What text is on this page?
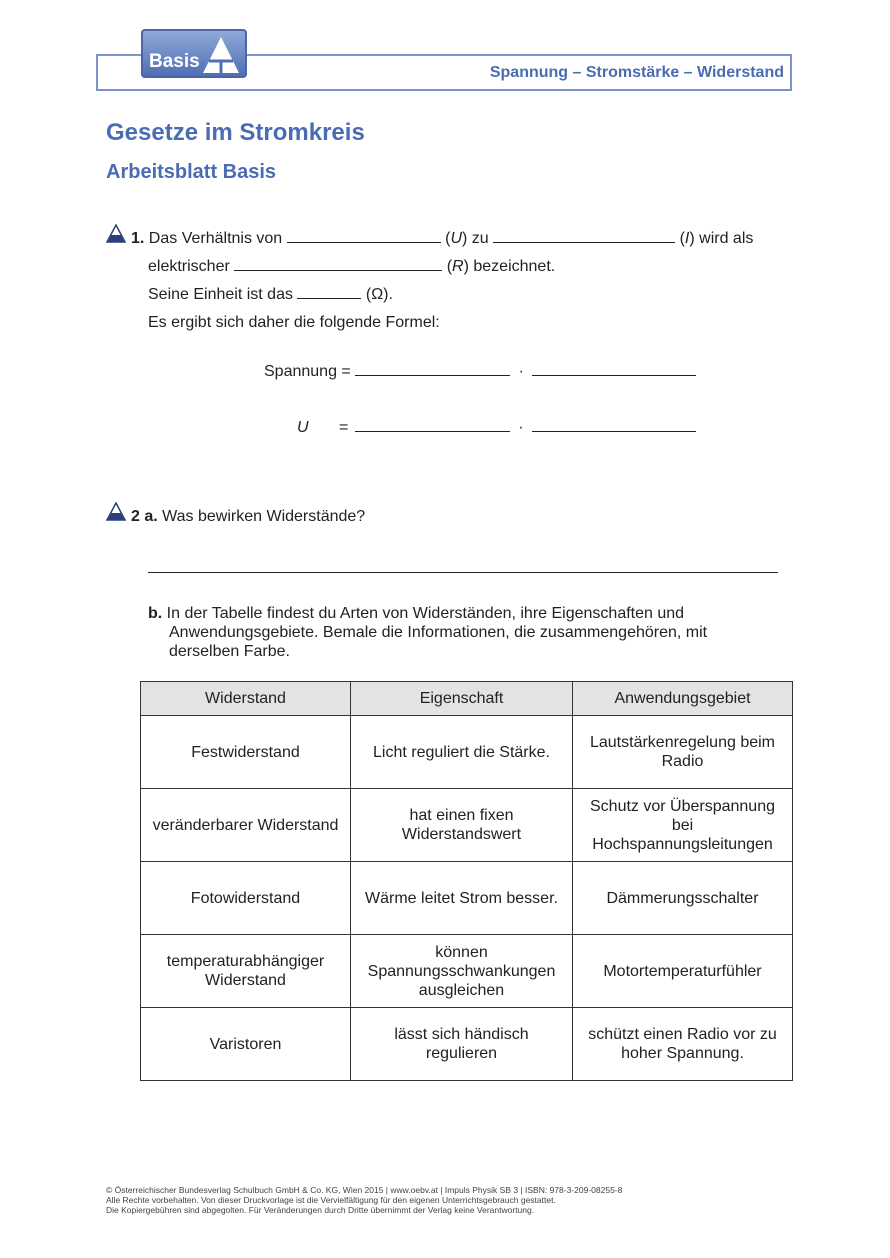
Basis
Spannung – Stromstärke – Widerstand
Gesetze im Stromkreis
Arbeitsblatt Basis
1. Das Verhältnis von	(U) zu	(I) wird als
elektrischer	(R) bezeichnet.
Seine Einheit ist das	(Ω).
Es ergibt sich daher die folgende Formel:
Spannung =	·
U =	·
2 a. Was bewirken Widerstände?
b. In der Tabelle findest du Arten von Widerständen, ihre Eigenschaften und
Anwendungsgebiete. Bemale die Informationen, die zusammengehören, mit
derselben Farbe.
Widerstand	Eigenschaft	Anwendungsgebiet
Festwiderstand	Licht reguliert die Stärke.	Lautstärkenregelung beim Radio
veränderbarer Widerstand	hat einen fixen Widerstandswert	Schutz vor Überspannung bei Hochspannungsleitungen
Fotowiderstand	Wärme leitet Strom besser.	Dämmerungsschalter
temperaturabhängiger Widerstand	können Spannungsschwankungen ausgleichen	Motortemperaturfühler
Varistoren	lässt sich händisch regulieren	schützt einen Radio vor zu hoher Spannung.
© Österreichischer Bundesverlag Schulbuch GmbH & Co. KG, Wien 2015 | www.oebv.at | Impuls Physik SB 3 | ISBN: 978-3-209-08255-8
Alle Rechte vorbehalten. Von dieser Druckvorlage ist die Vervielfältigung für den eigenen Unterrichtsgebrauch gestattet.
Die Kopiergebühren sind abgegolten. Für Veränderungen durch Dritte übernimmt der Verlag keine Verantwortung.
